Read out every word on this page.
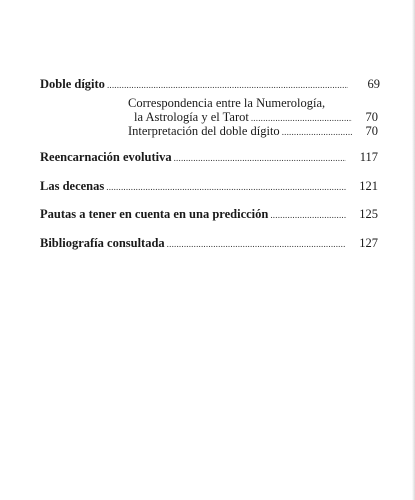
Doble dígito .....	69
Correspondencia entre la Numerología,
la Astrología y el Tarot .....	70
Interpretación del doble dígito .....	70
Reencarnación evolutiva .....	117
Las decenas .....	121
Pautas a tener en cuenta en una predicción .....	125
Bibliografía consultada .....	127
